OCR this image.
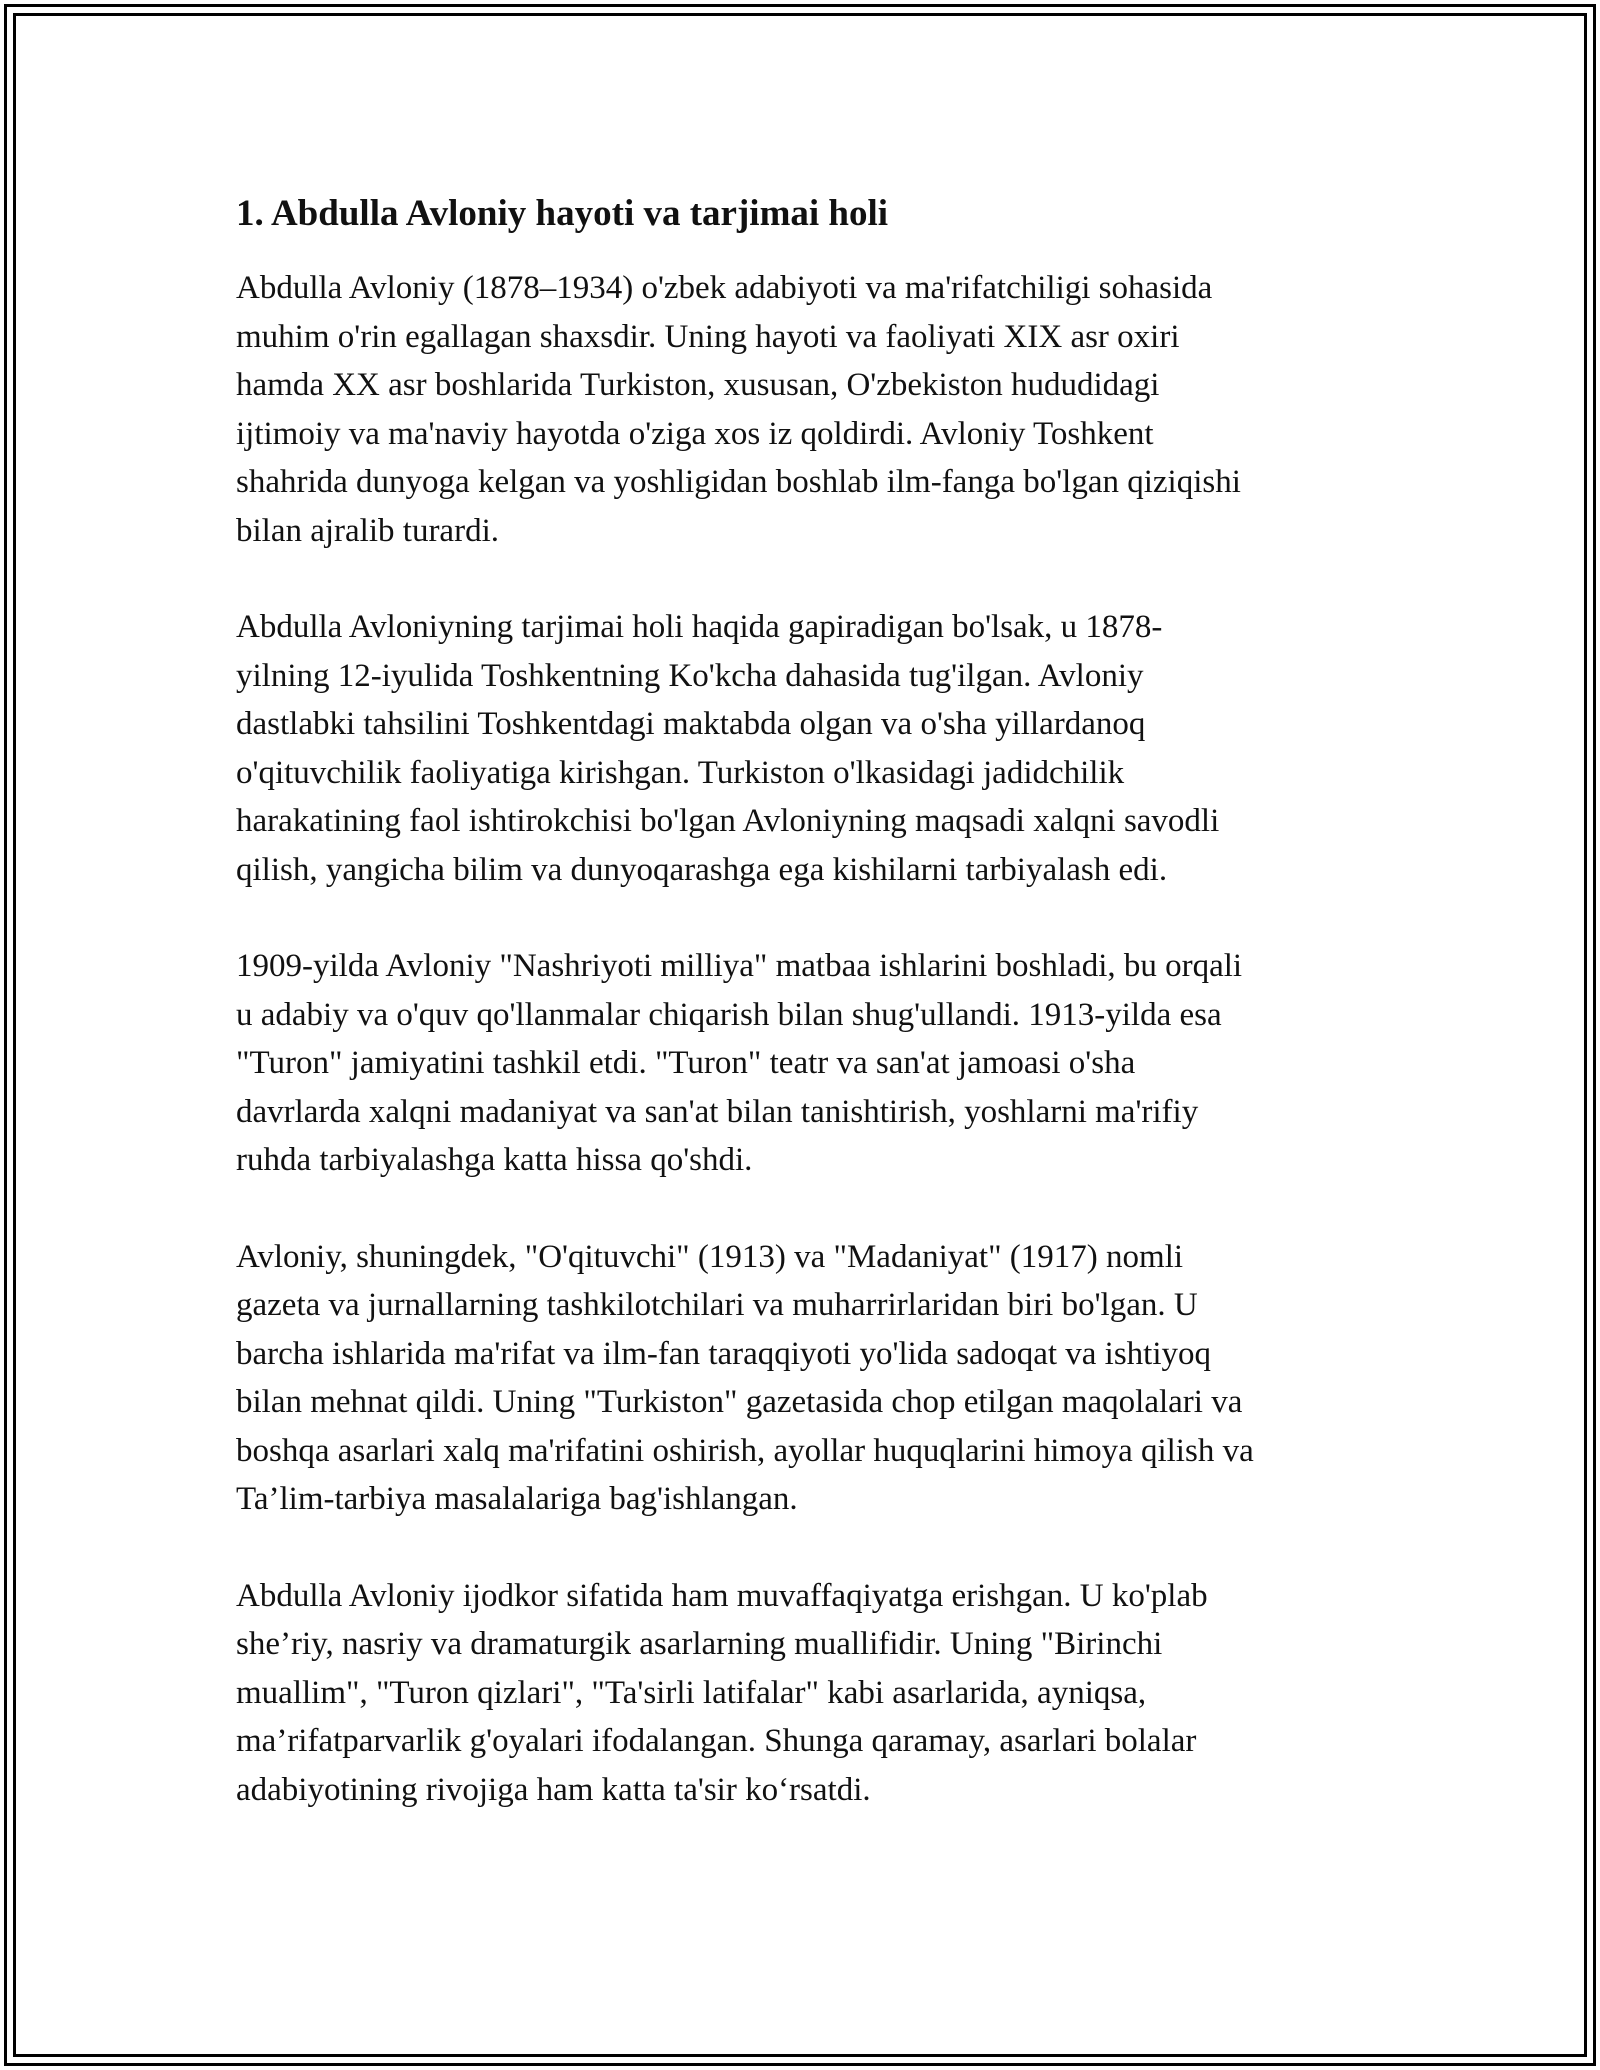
1. Abdulla Avloniy hayoti va tarjimai holi

Abdulla Avloniy (1878–1934) o'zbek adabiyoti va ma'rifatchiligi sohasida
muhim o'rin egallagan shaxsdir. Uning hayoti va faoliyati XIX asr oxiri
hamda XX asr boshlarida Turkiston, xususan, O'zbekiston hududidagi
ijtimoiy va ma'naviy hayotda o'ziga xos iz qoldirdi. Avloniy Toshkent
shahrida dunyoga kelgan va yoshligidan boshlab ilm-fanga bo'lgan qiziqishi
bilan ajralib turardi.

Abdulla Avloniyning tarjimai holi haqida gapiradigan bo'lsak, u 1878-
yilning 12-iyulida Toshkentning Ko'kcha dahasida tug'ilgan. Avloniy
dastlabki tahsilini Toshkentdagi maktabda olgan va o'sha yillardanoq
o'qituvchilik faoliyatiga kirishgan. Turkiston o'lkasidagi jadidchilik
harakatining faol ishtirokchisi bo'lgan Avloniyning maqsadi xalqni savodli
qilish, yangicha bilim va dunyoqarashga ega kishilarni tarbiyalash edi.

1909-yilda Avloniy "Nashriyoti milliya" matbaa ishlarini boshladi, bu orqali
u adabiy va o'quv qo'llanmalar chiqarish bilan shug'ullandi. 1913-yilda esa
"Turon" jamiyatini tashkil etdi. "Turon" teatr va san'at jamoasi o'sha
davrlarda xalqni madaniyat va san'at bilan tanishtirish, yoshlarni ma'rifiy
ruhda tarbiyalashga katta hissa qo'shdi.

Avloniy, shuningdek, "O'qituvchi" (1913) va "Madaniyat" (1917) nomli
gazeta va jurnallarning tashkilotchilari va muharrirlaridan biri bo'lgan. U
barcha ishlarida ma'rifat va ilm-fan taraqqiyoti yo'lida sadoqat va ishtiyoq
bilan mehnat qildi. Uning "Turkiston" gazetasida chop etilgan maqolalari va
boshqa asarlari xalq ma'rifatini oshirish, ayollar huquqlarini himoya qilish va
Ta’lim-tarbiya masalalariga bag'ishlangan.

Abdulla Avloniy ijodkor sifatida ham muvaffaqiyatga erishgan. U ko'plab
she’riy, nasriy va dramaturgik asarlarning muallifidir. Uning "Birinchi
muallim", "Turon qizlari", "Ta'sirli latifalar" kabi asarlarida, ayniqsa,
ma’rifatparvarlik g'oyalari ifodalangan. Shunga qaramay, asarlari bolalar
adabiyotining rivojiga ham katta ta'sir ko‘rsatdi.
